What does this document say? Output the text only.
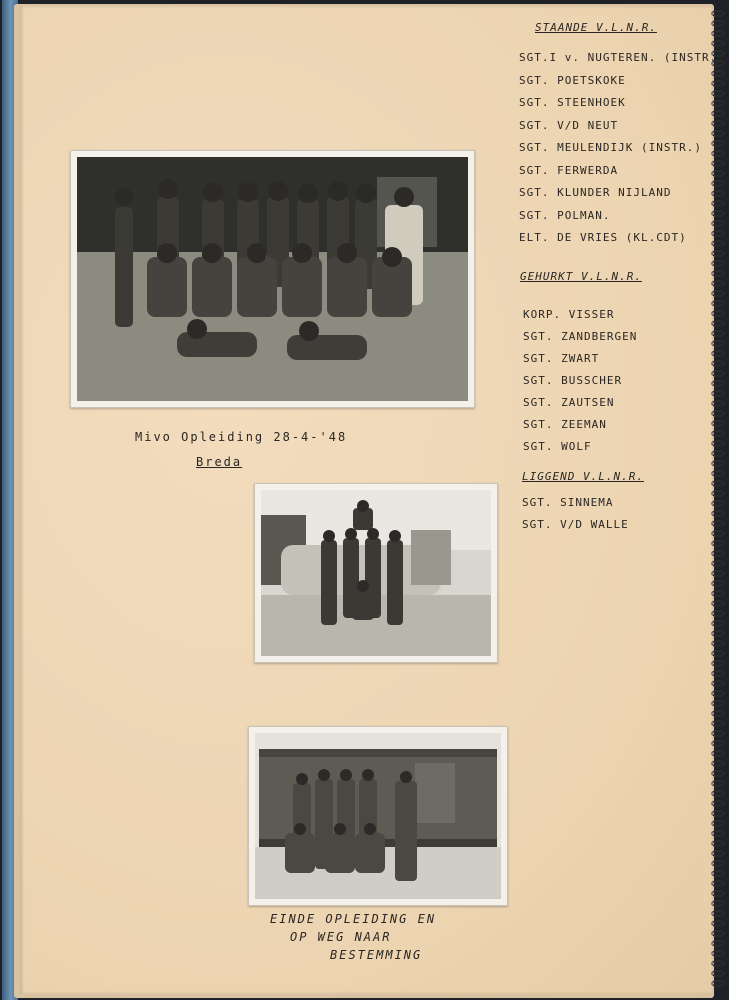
Mivo Opleiding 28-4-'48
Breda
EINDE OPLEIDING EN
OP WEG NAAR
BESTEMMING
STAANDE V.L.N.R.
SGT.I v. NUGTEREN. (INSTR.)
SGT. POETSKOKE
SGT. STEENHOEK
SGT. V/D NEUT
SGT. MEULENDIJK (INSTR.)
SGT. FERWERDA
SGT. KLUNDER NIJLAND
SGT. POLMAN.
ELT. DE VRIES (KL.CDT)
GEHURKT V.L.N.R.
KORP. VISSER
SGT. ZANDBERGEN
SGT. ZWART
SGT. BUSSCHER
SGT. ZAUTSEN
SGT. ZEEMAN
SGT. WOLF
LIGGEND V.L.N.R.
SGT. SINNEMA
SGT. V/D WALLE
